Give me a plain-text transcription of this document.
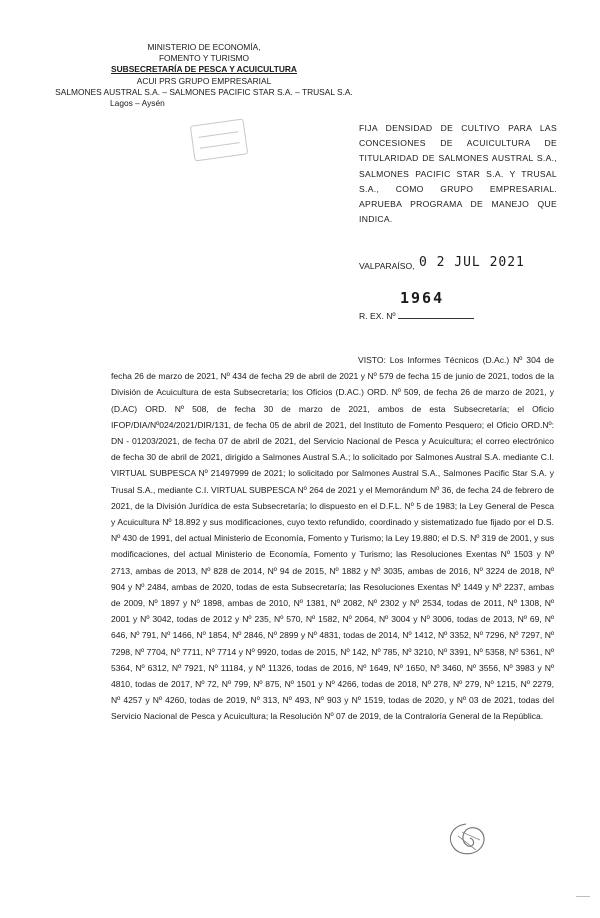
MINISTERIO DE ECONOMÍA,
FOMENTO Y TURISMO
SUBSECRETARÍA DE PESCA Y ACUICULTURA
ACUI PRS GRUPO EMPRESARIAL
SALMONES AUSTRAL S.A. – SALMONES PACIFIC STAR S.A. – TRUSAL S.A.
Lagos – Aysén
FIJA DENSIDAD DE CULTIVO PARA LAS CONCESIONES DE ACUICULTURA DE TITULARIDAD DE SALMONES AUSTRAL S.A., SALMONES PACIFIC STAR S.A. Y TRUSAL S.A., COMO GRUPO EMPRESARIAL. APRUEBA PROGRAMA DE MANEJO QUE INDICA.
VALPARAÍSO, 0 2 JUL 2021
1964
R. EX. Nº
VISTO: Los Informes Técnicos (D.Ac.) Nº 304 de fecha 26 de marzo de 2021, Nº 434 de fecha 29 de abril de 2021 y Nº 579 de fecha 15 de junio de 2021, todos de la División de Acuicultura de esta Subsecretaría; los Oficios (D.AC.) ORD. Nº 509, de fecha 26 de marzo de 2021, y (D.AC) ORD. Nº 508, de fecha 30 de marzo de 2021, ambos de esta Subsecretaría; el Oficio IFOP/DIA/Nº024/2021/DIR/131, de fecha 05 de abril de 2021, del Instituto de Fomento Pesquero; el Oficio ORD.Nº: DN - 01203/2021, de fecha 07 de abril de 2021, del Servicio Nacional de Pesca y Acuicultura; el correo electrónico de fecha 30 de abril de 2021, dirigido a Salmones Austral S.A.; lo solicitado por Salmones Austral S.A. mediante C.I. VIRTUAL SUBPESCA Nº 21497999 de 2021; lo solicitado por Salmones Austral S.A., Salmones Pacific Star S.A. y Trusal S.A., mediante C.I. VIRTUAL SUBPESCA Nº 264 de 2021 y el Memorándum Nº 36, de fecha 24 de febrero de 2021, de la División Jurídica de esta Subsecretaría; lo dispuesto en el D.F.L. Nº 5 de 1983; la Ley General de Pesca y Acuicultura Nº 18.892 y sus modificaciones, cuyo texto refundido, coordinado y sistematizado fue fijado por el D.S. Nº 430 de 1991, del actual Ministerio de Economía, Fomento y Turismo; la Ley 19.880; el D.S. Nº 319 de 2001, y sus modificaciones, del actual Ministerio de Economía, Fomento y Turismo; las Resoluciones Exentas Nº 1503 y Nº 2713, ambas de 2013, Nº 828 de 2014, Nº 94 de 2015, Nº 1882 y Nº 3035, ambas de 2016, Nº 3224 de 2018, Nº 904 y Nº 2484, ambas de 2020, todas de esta Subsecretaría; las Resoluciones Exentas Nº 1449 y Nº 2237, ambas de 2009, Nº 1897 y Nº 1898, ambas de 2010, Nº 1381, Nº 2082, Nº 2302 y Nº 2534, todas de 2011, Nº 1308, Nº 2001 y Nº 3042, todas de 2012 y Nº 235, Nº 570, Nº 1582, Nº 2064, Nº 3004 y Nº 3006, todas de 2013, Nº 69, Nº 646, Nº 791, Nº 1466, Nº 1854, Nº 2846, Nº 2899 y Nº 4831, todas de 2014, Nº 1412, Nº 3352, Nº 7296, Nº 7297, Nº 7298, Nº 7704, Nº 7711, Nº 7714 y Nº 9920, todas de 2015, Nº 142, Nº 785, Nº 3210, Nº 3391, Nº 5358, Nº 5361, Nº 5364, Nº 6312, Nº 7921, Nº 11184, y Nº 11326, todas de 2016, Nº 1649, Nº 1650, Nº 3460, Nº 3556, Nº 3983 y Nº 4810, todas de 2017, Nº 72, Nº 799, Nº 875, Nº 1501 y Nº 4266, todas de 2018, Nº 278, Nº 279, Nº 1215, Nº 2279, Nº 4257 y Nº 4260, todas de 2019, Nº 313, Nº 493, Nº 903 y Nº 1519, todas de 2020, y Nº 03 de 2021, todas del Servicio Nacional de Pesca y Acuicultura; la Resolución Nº 07 de 2019, de la Contraloría General de la República.
